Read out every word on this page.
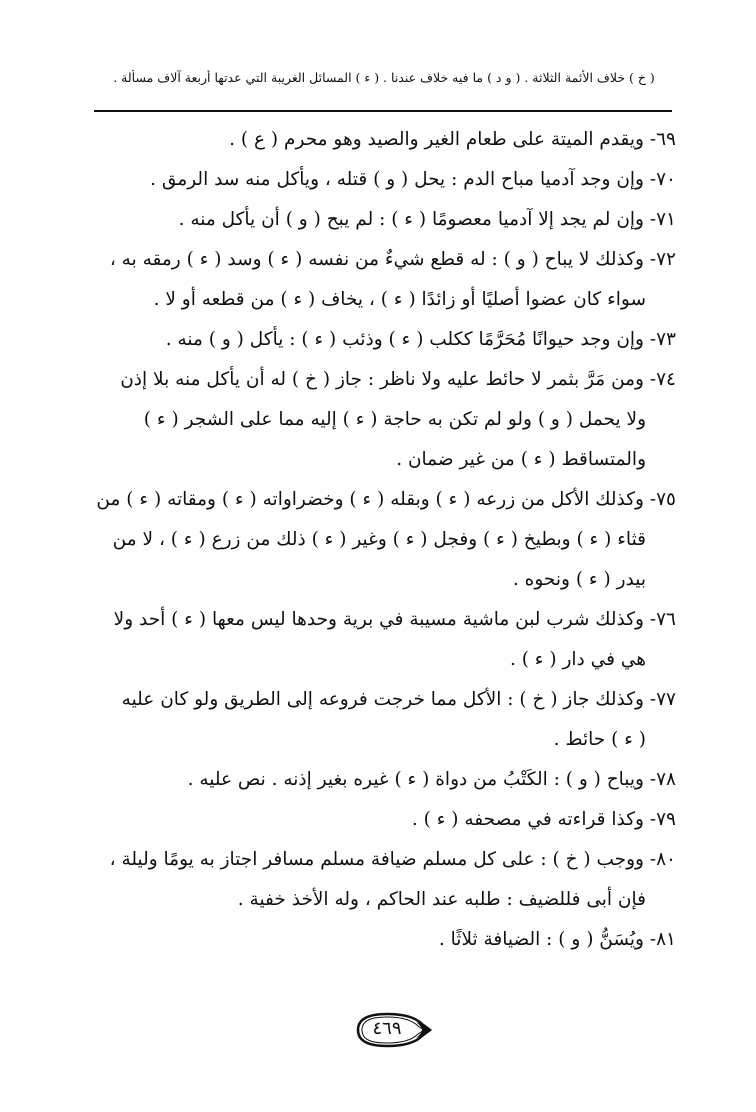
( خ ) خلاف الأئمة الثلاثة . ( و د ) ما فيه خلاف عندنا . ( ء ) المسائل الغريبة التي عدتها أربعة آلاف مسألة .
٦٩- ويقدم الميتة على طعام الغير والصيد وهو محرم ( ع ) .
٧٠- وإن وجد آدميا مباح الدم : يحل ( و ) قتله ، ويأكل منه سد الرمق .
٧١- وإن لم يجد إلا آدميا معصومًا ( ء ) : لم يبح ( و ) أن يأكل منه .
٧٢- وكذلك لا يباح ( و ) : له قطع شيءٌ من نفسه ( ء ) وسد ( ء ) رمقه به ،
سواء كان عضوا أصليًا أو زائدًا ( ء ) ، يخاف ( ء ) من قطعه أو لا .
٧٣- وإن وجد حيوانًا مُحَرَّمًا ككلب ( ء ) وذئب ( ء ) : يأكل ( و ) منه .
٧٤- ومن مَرَّ بثمر لا حائط عليه ولا ناظر : جاز ( خ ) له أن يأكل منه بلا إذن
ولا يحمل ( و ) ولو لم تكن به حاجة ( ء ) إليه مما على الشجر ( ء )
والمتساقط ( ء ) من غير ضمان .
٧٥- وكذلك الأكل من زرعه ( ء ) وبقله ( ء ) وخضراواته ( ء ) ومقاته ( ء ) من
قثاء ( ء ) وبطيخ ( ء ) وفجل ( ء ) وغير ( ء ) ذلك من زرع ( ء ) ، لا من
بيدر ( ء ) ونحوه .
٧٦- وكذلك شرب لبن ماشية مسيبة في برية وحدها ليس معها ( ء ) أحد ولا
هي في دار ( ء ) .
٧٧- وكذلك جاز ( خ ) : الأكل مما خرجت فروعه إلى الطريق ولو كان عليه
( ء ) حائط .
٧٨- ويباح ( و ) : الكَتْبُ من دواة ( ء ) غيره بغير إذنه . نص عليه .
٧٩- وكذا قراءته في مصحفه ( ء ) .
٨٠- ووجب ( خ ) : على كل مسلم ضيافة مسلم مسافر اجتاز به يومًا وليلة ،
فإن أبى فللضيف : طلبه عند الحاكم ، وله الأخذ خفية .
٨١- ويُسَنُّ ( و ) : الضيافة ثلاثًا .
٤٦٩
